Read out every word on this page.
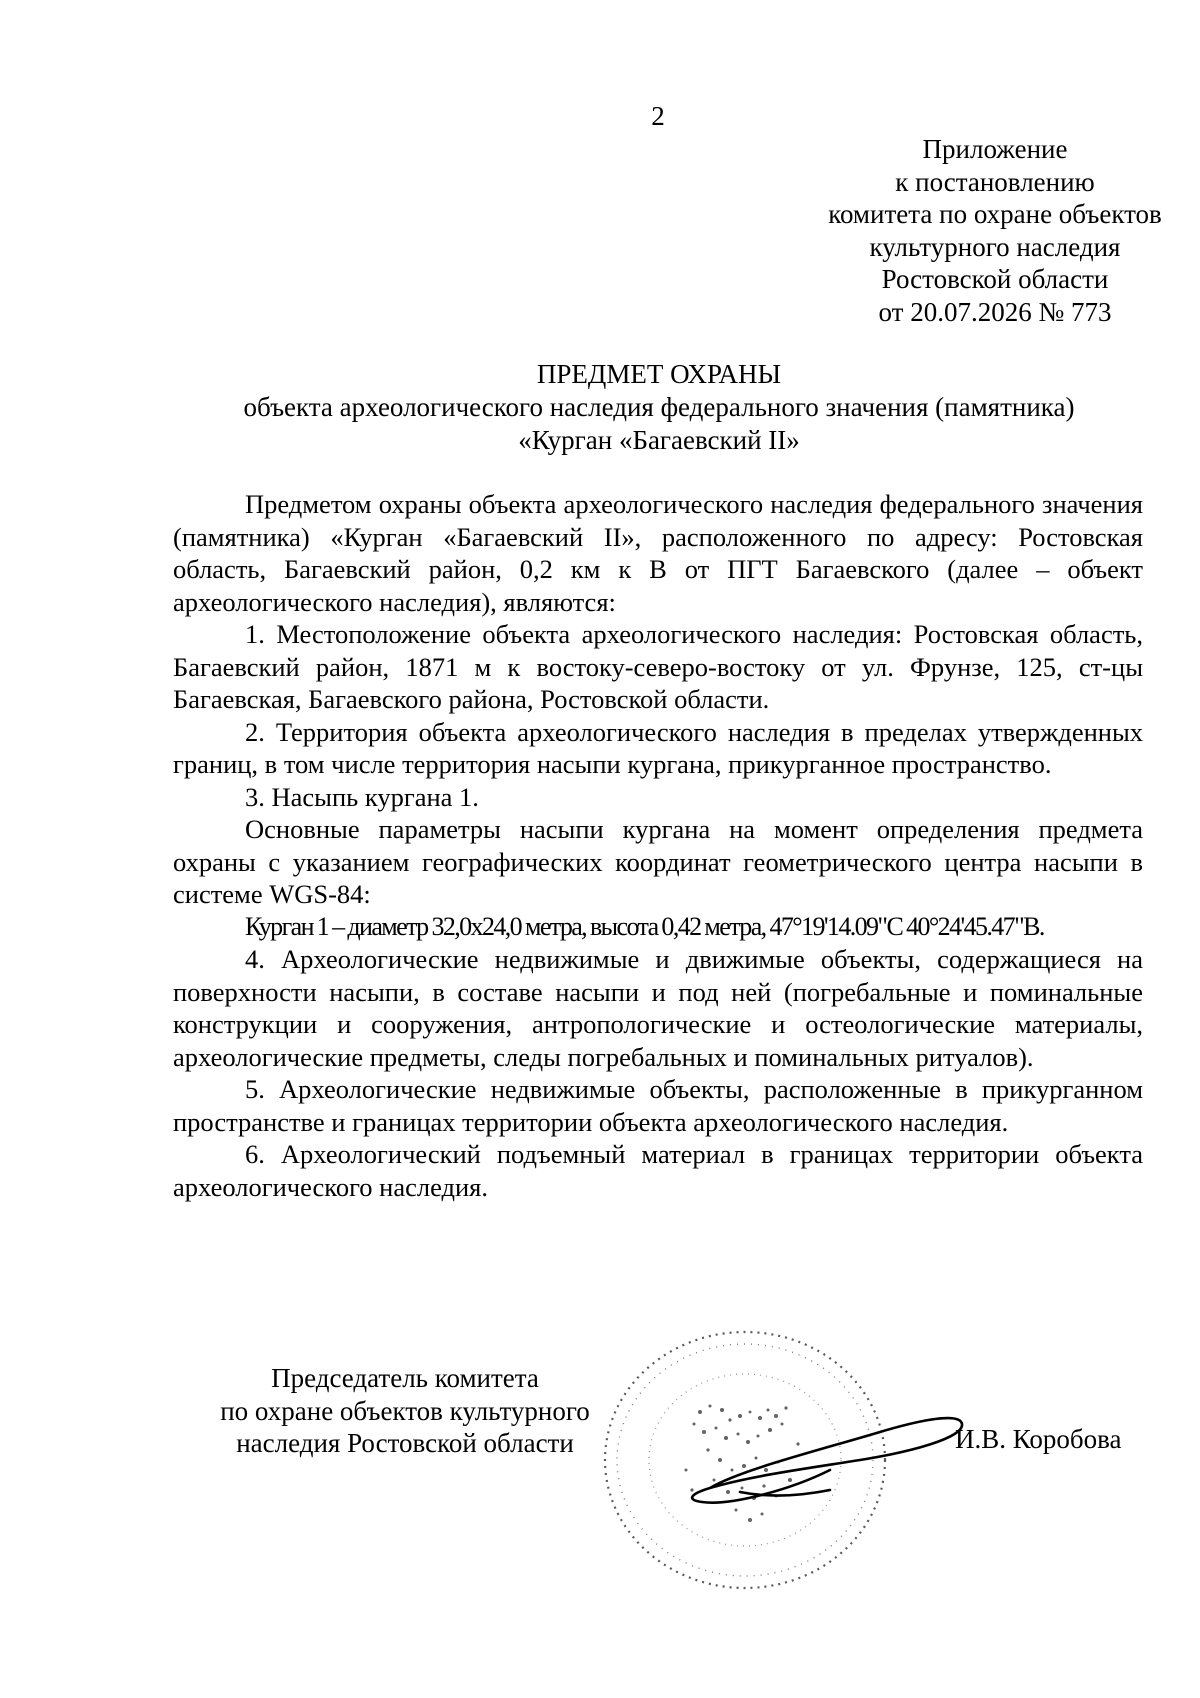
2
Приложение
к постановлению
комитета по охране объектов
культурного наследия
Ростовской области
от 20.07.2026 № 773
ПРЕДМЕТ ОХРАНЫ
объекта археологического наследия федерального значения (памятника)
«Курган «Багаевский II»

Предметом охраны объекта археологического наследия федерального значения (памятника) «Курган «Багаевский II», расположенного по адресу: Ростовская область, Багаевский район, 0,2 км к В от ПГТ Багаевского (далее – объект археологического наследия), являются:

1. Местоположение объекта археологического наследия: Ростовская область, Багаевский район, 1871 м к востоку-северо-востоку от ул. Фрунзе, 125, ст-цы Багаевская, Багаевского района, Ростовской области.

2. Территория объекта археологического наследия в пределах утвержденных границ, в том числе территория насыпи кургана, прикурганное пространство.

3. Насыпь кургана 1.

Основные параметры насыпи кургана на момент определения предмета охраны с указанием географических координат геометрического центра насыпи в системе WGS-84:

Курган 1 – диаметр 32,0х24,0 метра, высота 0,42 метра, 47°19'14.09"С 40°24'45.47"В.

4. Археологические недвижимые и движимые объекты, содержащиеся на поверхности насыпи, в составе насыпи и под ней (погребальные и поминальные конструкции и сооружения, антропологические и остеологические материалы, археологические предметы, следы погребальных и поминальных ритуалов).

5. Археологические недвижимые объекты, расположенные в прикурганном пространстве и границах территории объекта археологического наследия.

6. Археологический подъемный материал в границах территории объекта археологического наследия.

Председатель комитета
по охране объектов культурного
наследия Ростовской области	И.В. Коробова
